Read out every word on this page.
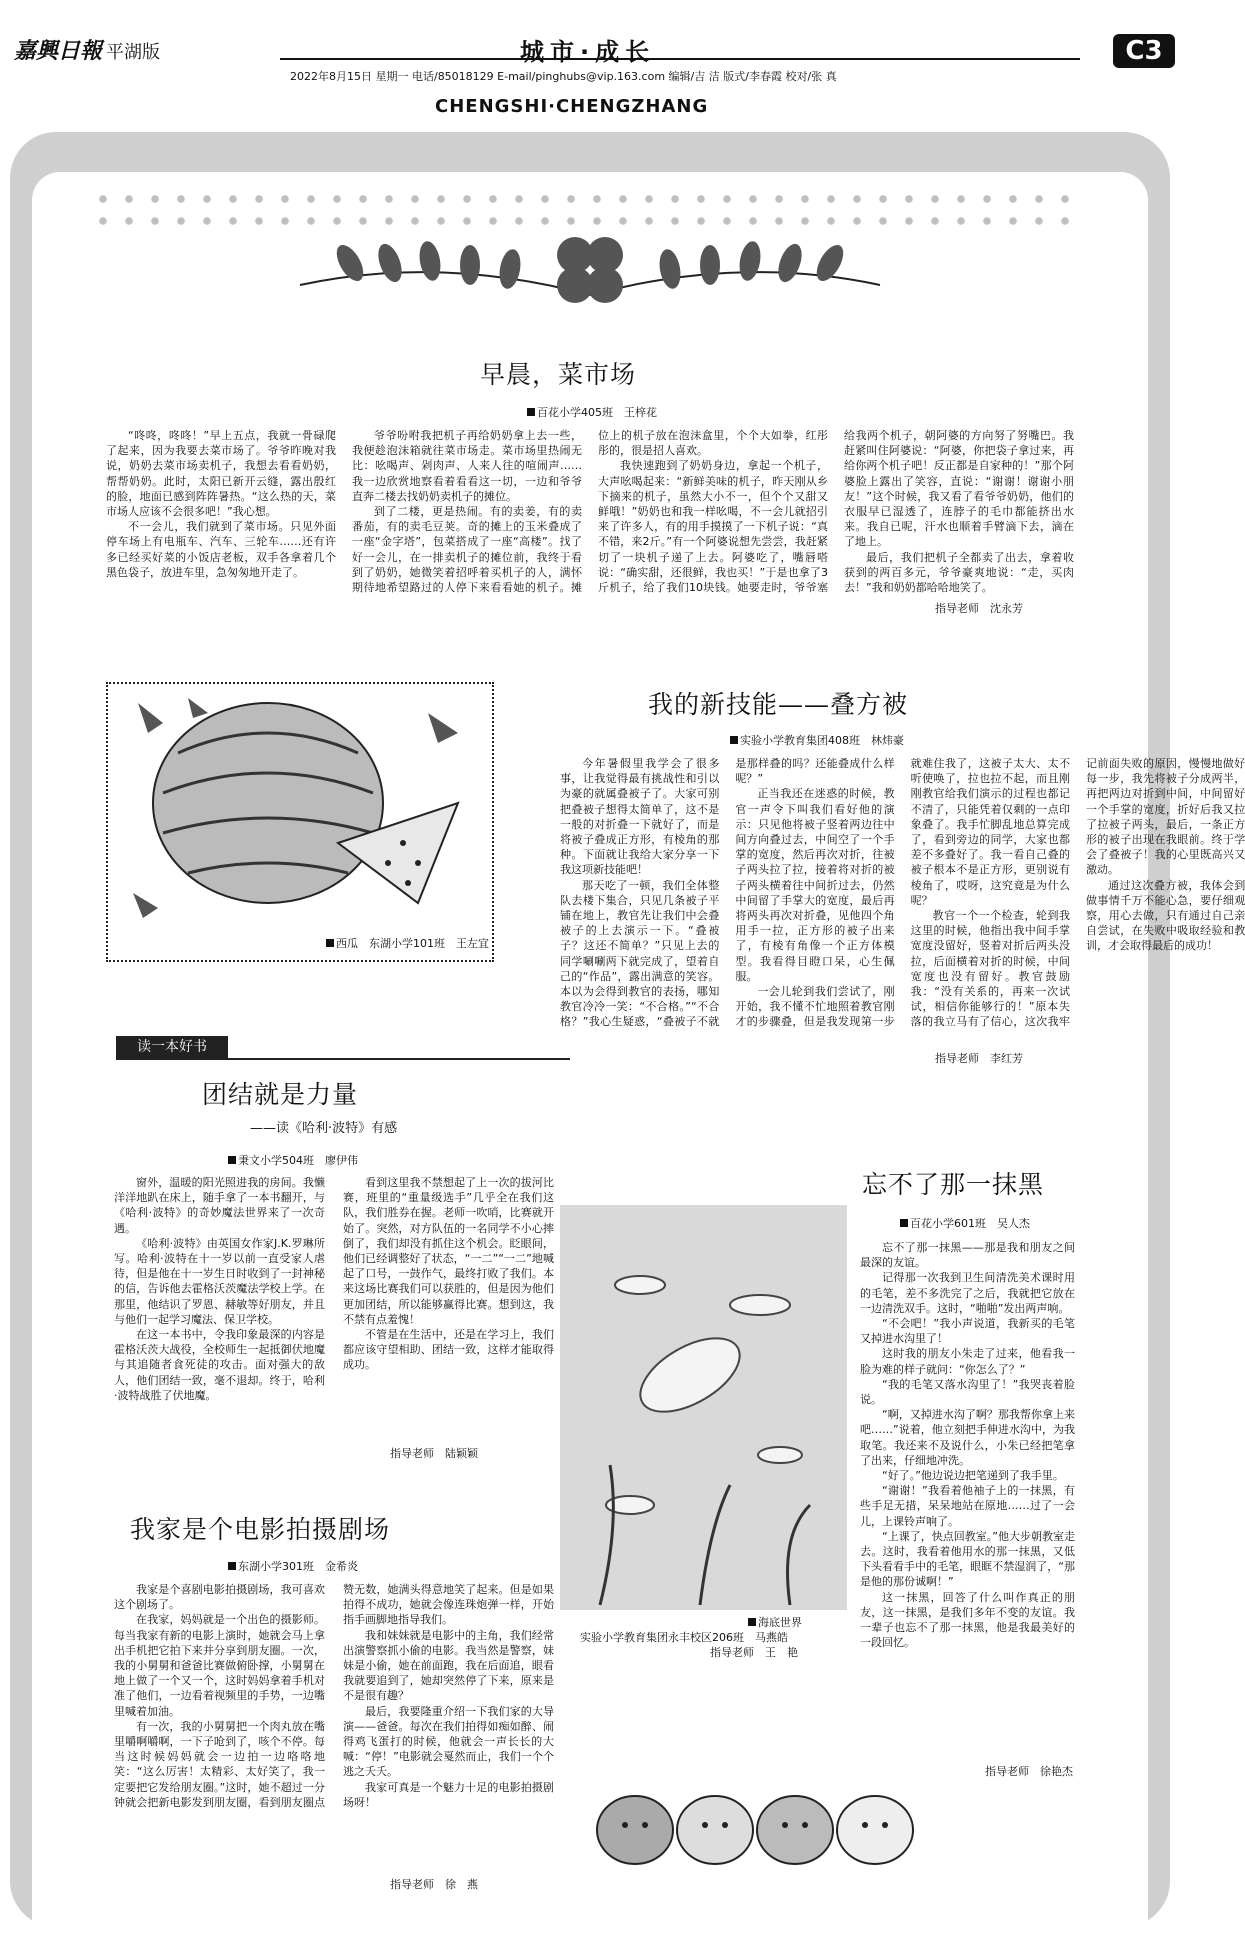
嘉興日報 平湖版	城市·成长	C3
2022年8月15日 星期一 电话/85018129 E-mail/pinghubs@vip.163.com 编辑/吉 洁 版式/李春霞 校对/张 真
CHENGSHI·CHENGZHANG
早晨，菜市场
百花小学405班　王梓花

“咚咚，咚咚！”早上五点，我就一骨碌爬了起来，因为我要去菜市场了。爷爷昨晚对我说，奶奶去菜市场卖机子，我想去看看奶奶，帮帮奶奶。此时，太阳已新开云缝，露出殷红的脸，地面已感到阵阵暑热。“这么热的天，菜市场人应该不会很多吧！”我心想。

不一会儿，我们就到了菜市场。只见外面停车场上有电瓶车、汽车、三轮车……还有许多已经买好菜的小饭店老板，双手各拿着几个黑色袋子，放进车里，急匆匆地开走了。

爷爷吩咐我把机子再给奶奶拿上去一些，我便趁泡沫箱就往菜市场走。菜市场里热闹无比：吆喝声、剁肉声、人来人往的喧闹声……我一边欣赏地察看着看看这一切，一边和爷爷直奔二楼去找奶奶卖机子的摊位。

到了二楼，更是热闹。有的卖姜，有的卖番茄，有的卖毛豆荚。奇的摊上的玉米叠成了一座“金字塔”，包菜搭成了一座“高楼”。找了好一会儿，在一排卖机子的摊位前，我终于看到了奶奶，她微笑着招呼着买机子的人，满怀期待地希望路过的人停下来看看她的机子。摊位上的机子放在泡沫盒里，个个大如拳，红彤彤的，很是招人喜欢。

我快速跑到了奶奶身边，拿起一个机子，大声吆喝起来：“新鲜美味的机子，昨天刚从乡下摘来的机子，虽然大小不一，但个个又甜又鲜哦！”奶奶也和我一样吆喝，不一会儿就招引来了许多人，有的用手摸摸了一下机子说：“真不错，来2斤。”有一个阿婆说想先尝尝，我赶紧切了一块机子递了上去。阿婆吃了，嘴唇嗒说：“确实甜，还很鲜，我也买！”于是也拿了3斤机子，给了我们10块钱。她要走时，爷爷塞给我两个机子，朝阿婆的方向努了努嘴巴。我赶紧叫住阿婆说：“阿婆，你把袋子拿过来，再给你两个机子吧！反正都是自家种的！”那个阿婆脸上露出了笑容，直说：“谢谢！谢谢小朋友！”这个时候，我又看了看爷爷奶奶，他们的衣服早已湿透了，连脖子的毛巾都能挤出水来。我自已呢，汗水也顺着手臂滴下去，滴在了地上。

最后，我们把机子全都卖了出去，拿着收获到的两百多元，爷爷豪爽地说：“走，买肉去！”我和奶奶都哈哈地笑了。

指导老师　沈永芳
西瓜　东湖小学101班　王左宜
我的新技能——叠方被
实验小学教育集团408班　林炜豪

今年暑假里我学会了很多事，让我觉得最有挑战性和引以为豪的就属叠被子了。大家可别把叠被子想得太简单了，这不是一般的对折叠一下就好了，而是将被子叠成正方形，有棱角的那种。下面就让我给大家分享一下我这项新技能吧！

那天吃了一顿，我们全体整队去楼下集合，只见几条被子平铺在地上，教官先让我们中会叠被子的上去演示一下。“叠被子？这还不简单？”只见上去的同学唰唰两下就完成了，望着自己的“作品”，露出满意的笑容。本以为会得到教官的表扬，哪知教官冷冷一笑：“不合格。”“不合格？”我心生疑惑，“叠被子不就是那样叠的吗？还能叠成什么样呢？”

正当我还在迷惑的时候，教官一声令下叫我们看好他的演示：只见他将被子竖着两边往中间方向叠过去，中间空了一个手掌的宽度，然后再次对折，往被子两头拉了拉，接着将对折的被子两头横着往中间折过去，仍然中间留了手掌大的宽度，最后再将两头再次对折叠，见他四个角用手一拉，正方形的被子出来了，有棱有角像一个正方体模型。我看得目瞪口呆，心生佩服。

一会儿轮到我们尝试了，刚开始，我不懂不忙地照着教官刚才的步骤叠，但是我发现第一步就难住我了，这被子太大、太不听使唤了，拉也拉不起，而且刚刚教官给我们演示的过程也都记不清了，只能凭着仅剩的一点印象叠了。我手忙脚乱地总算完成了，看到旁边的同学，大家也都差不多叠好了。我一看自己叠的被子根本不是正方形，更别说有棱角了，哎呀，这究竟是为什么呢？

教官一个一个检查，轮到我这里的时候，他指出我中间手掌宽度没留好，竖着对折后两头没拉，后面横着对折的时候，中间宽度也没有留好。教官鼓励我：“没有关系的，再来一次试试，相信你能够行的！”原本失落的我立马有了信心，这次我牢记前面失败的原因，慢慢地做好每一步，我先将被子分成两半，再把两边对折到中间，中间留好一个手掌的宽度，折好后我又拉了拉被子两头，最后，一条正方形的被子出现在我眼前。终于学会了叠被子！我的心里既高兴又激动。

通过这次叠方被，我体会到做事情千万不能心急，要仔细观察，用心去做，只有通过自己亲自尝试，在失败中吸取经验和教训，才会取得最后的成功！

指导老师　李红芳
读一本好书
团结就是力量
——读《哈利·波特》有感
秉文小学504班　廖伊伟

窗外，温暖的阳光照进我的房间。我懒洋洋地趴在床上，随手拿了一本书翻开，与《哈利·波特》的奇妙魔法世界来了一次奇遇。

《哈利·波特》由英国女作家J.K.罗琳所写。哈利·波特在十一岁以前一直受家人虐待，但是他在十一岁生日时收到了一封神秘的信，告诉他去霍格沃茨魔法学校上学。在那里，他结识了罗恩、赫敏等好朋友，并且与他们一起学习魔法、保卫学校。

在这一本书中，令我印象最深的内容是霍格沃茨大战役，全校师生一起抵御伏地魔与其追随者食死徒的攻击。面对强大的敌人，他们团结一致，毫不退却。终于，哈利·波特战胜了伏地魔。

看到这里我不禁想起了上一次的拔河比赛，班里的“重量级选手”几乎全在我们这队，我们胜券在握。老师一吹哨，比赛就开始了。突然，对方队伍的一名同学不小心摔倒了，我们却没有抓住这个机会。眨眼间，他们已经调整好了状态，“一二”“一二”地喊起了口号，一鼓作气，最终打败了我们。本来这场比赛我们可以获胜的，但是因为他们更加团结，所以能够赢得比赛。想到这，我不禁有点羞愧！

不管是在生活中，还是在学习上，我们都应该守望相助、团结一致，这样才能取得成功。

指导老师　陆颖颖
我家是个电影拍摄剧场
东湖小学301班　金希炎

我家是个喜剧电影拍摄剧场，我可喜欢这个剧场了。

在我家，妈妈就是一个出色的摄影师。每当我家有新的电影上演时，她就会马上拿出手机把它拍下来并分享到朋友圈。一次，我的小舅舅和爸爸比赛做俯卧撑，小舅舅在地上做了一个又一个，这时妈妈拿着手机对准了他们，一边看着视频里的手势，一边嘴里喊着加油。

有一次，我的小舅舅把一个肉丸放在嘴里嚼啊嚼啊，一下子呛到了，咳个不停。每当这时候妈妈就会一边拍一边咯咯地笑：“这么厉害！太精彩、太好笑了，我一定要把它发给朋友圈。”这时，她不超过一分钟就会把新电影发到朋友圈，看到朋友圈点赞无数，她满头得意地笑了起来。但是如果拍得不成功，她就会像连珠炮弹一样，开始指手画脚地指导我们。

我和妹妹就是电影中的主角，我们经常出演警察抓小偷的电影。我当然是警察，妹妹是小偷，她在前面跑，我在后面追，眼看我就要追到了，她却突然停了下来，原来是不是很有趣？

最后，我要隆重介绍一下我们家的大导演——爸爸。每次在我们拍得如痴如醉、闹得鸡飞蛋打的时候，他就会一声长长的大喊：“停！”电影就会戛然而止，我们一个个逃之夭夭。

我家可真是一个魅力十足的电影拍摄剧场呀！

指导老师　徐　燕
海底世界
实验小学教育集团永丰校区206班　马燕皓
指导老师　王　艳
忘不了那一抹黑
百花小学601班　吴人杰

忘不了那一抹黑——那是我和朋友之间最深的友谊。

记得那一次我到卫生间清洗美术课时用的毛笔，差不多洗完了之后，我就把它放在一边清洗双手。这时，“啪啪”发出两声响。

“不会吧！”我小声说道，我新买的毛笔又掉进水沟里了！

这时我的朋友小朱走了过来，他看我一脸为难的样子就问：“你怎么了？”

“我的毛笔又落水沟里了！”我哭丧着脸说。

“啊，又掉进水沟了啊？那我帮你拿上来吧……”说着，他立刻把手伸进水沟中，为我取笔。我还来不及说什么，小朱已经把笔拿了出来，仔细地冲洗。

“好了。”他边说边把笔递到了我手里。

“谢谢！”我看着他袖子上的一抹黑，有些手足无措，呆呆地站在原地……过了一会儿，上课铃声响了。

“上课了，快点回教室。”他大步朝教室走去。这时，我看着他用水的那一抹黑，又低下头看看手中的毛笔，眼眶不禁湿润了，“那是他的那份诚啊！”

这一抹黑，回答了什么叫作真正的朋友，这一抹黑，是我们多年不变的友谊。我一辈子也忘不了那一抹黑，他是我最美好的一段回忆。

指导老师　徐艳杰
